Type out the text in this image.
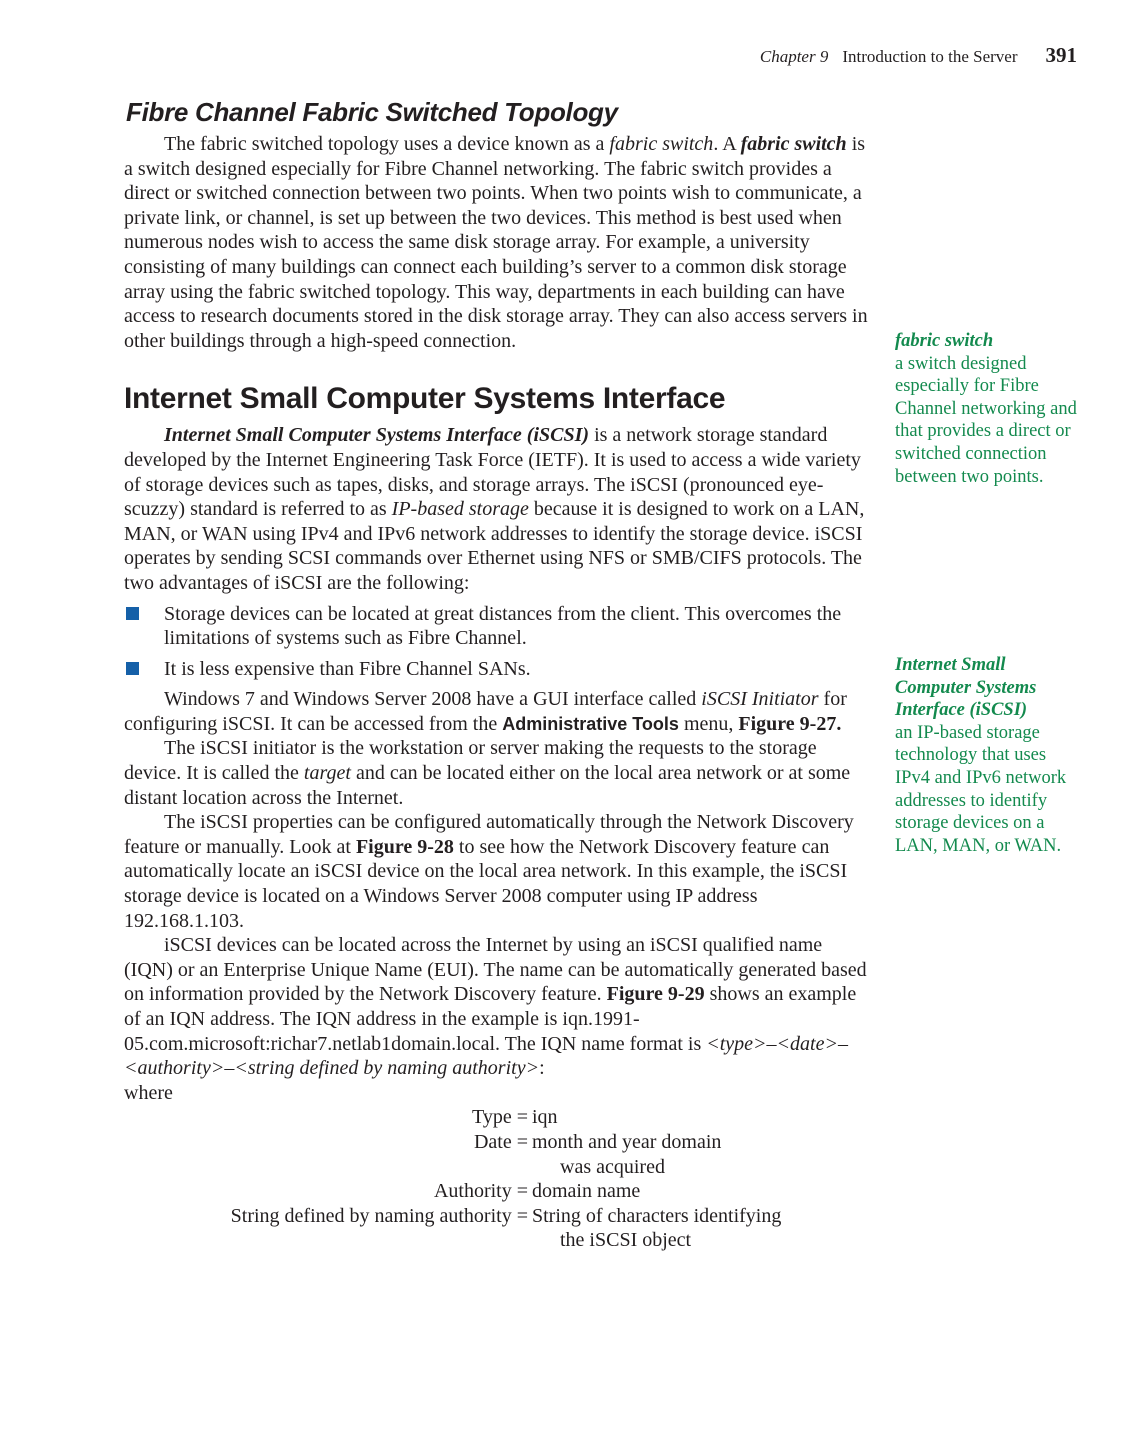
Chapter 9 Introduction to the Server 391
Fibre Channel Fabric Switched Topology

The fabric switched topology uses a device known as a fabric switch. A fabric switch is a switch designed especially for Fibre Channel networking. The fabric switch provides a direct or switched connection between two points. When two points wish to communicate, a private link, or channel, is set up between the two devices. This method is best used when numerous nodes wish to access the same disk storage array. For example, a university consisting of many buildings can connect each building’s server to a common disk storage array using the fabric switched topology. This way, departments in each building can have access to research documents stored in the disk storage array. They can also access servers in other buildings through a high-speed connection.

Internet Small Computer Systems Interface

Internet Small Computer Systems Interface (iSCSI) is a network storage standard developed by the Internet Engineering Task Force (IETF). It is used to access a wide variety of storage devices such as tapes, disks, and storage arrays. The iSCSI (pronounced eye-scuzzy) standard is referred to as IP-based storage because it is designed to work on a LAN, MAN, or WAN using IPv4 and IPv6 network addresses to identify the storage device. iSCSI operates by sending SCSI commands over Ethernet using NFS or SMB/CIFS protocols. The two advantages of iSCSI are the following:

Storage devices can be located at great distances from the client. This overcomes the limitations of systems such as Fibre Channel.
It is less expensive than Fibre Channel SANs.

Windows 7 and Windows Server 2008 have a GUI interface called iSCSI Initiator for configuring iSCSI. It can be accessed from the Administrative Tools menu, Figure 9-27.

The iSCSI initiator is the workstation or server making the requests to the storage device. It is called the target and can be located either on the local area network or at some distant location across the Internet.

The iSCSI properties can be configured automatically through the Network Discovery feature or manually. Look at Figure 9-28 to see how the Network Discovery feature can automatically locate an iSCSI device on the local area network. In this example, the iSCSI storage device is located on a Windows Server 2008 computer using IP address 192.168.1.103.

iSCSI devices can be located across the Internet by using an iSCSI qualified name (IQN) or an Enterprise Unique Name (EUI). The name can be automatically generated based on information provided by the Network Discovery feature. Figure 9-29 shows an example of an IQN address. The IQN address in the example is iqn.1991-05.com.microsoft:richar7.netlab1domain.local. The IQN name format is <type>–<date>–<authority>–<string defined by naming authority>:
where

Type = iqn
Date = month and year domain
was acquired
Authority = domain name
String defined by naming authority = String of characters identifying
the iSCSI object
fabric switch
a switch designed especially for Fibre Channel networking and that provides a direct or switched connection between two points.
Internet Small Computer Systems Interface (iSCSI)
an IP-based storage technology that uses IPv4 and IPv6 network addresses to identify storage devices on a LAN, MAN, or WAN.
